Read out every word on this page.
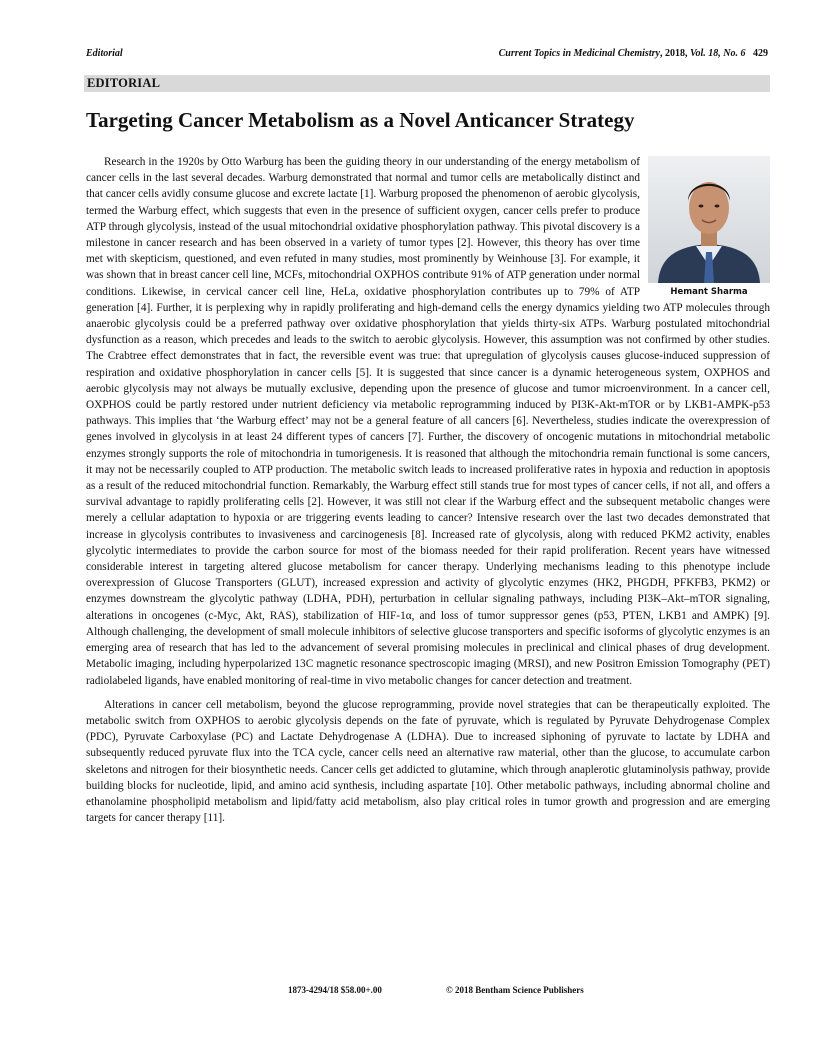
Editorial	Current Topics in Medicinal Chemistry, 2018, Vol. 18, No. 6 429
EDITORIAL
Targeting Cancer Metabolism as a Novel Anticancer Strategy
Hemant Sharma

Research in the 1920s by Otto Warburg has been the guiding theory in our understanding of the energy metabolism of cancer cells in the last several decades. Warburg demonstrated that normal and tumor cells are metabolically distinct and that cancer cells avidly consume glucose and excrete lactate [1]. Warburg proposed the phenomenon of aerobic glycolysis, termed the Warburg effect, which suggests that even in the presence of sufficient oxygen, cancer cells prefer to produce ATP through glycolysis, instead of the usual mitochondrial oxidative phosphorylation pathway. This pivotal discovery is a milestone in cancer research and has been observed in a variety of tumor types [2]. However, this theory has over time met with skepticism, questioned, and even refuted in many studies, most prominently by Weinhouse [3]. For example, it was shown that in breast cancer cell line, MCFs, mitochondrial OXPHOS contribute 91% of ATP generation under normal conditions. Likewise, in cervical cancer cell line, HeLa, oxidative phosphorylation contributes up to 79% of ATP generation [4]. Further, it is perplexing why in rapidly proliferating and high-demand cells the energy dynamics yielding two ATP molecules through anaerobic glycolysis could be a preferred pathway over oxidative phosphorylation that yields thirty-six ATPs. Warburg postulated mitochondrial dysfunction as a reason, which precedes and leads to the switch to aerobic glycolysis. However, this assumption was not confirmed by other studies. The Crabtree effect demonstrates that in fact, the reversible event was true: that upregulation of glycolysis causes glucose-induced suppression of respiration and oxidative phosphorylation in cancer cells [5]. It is suggested that since cancer is a dynamic heterogeneous system, OXPHOS and aerobic glycolysis may not always be mutually exclusive, depending upon the presence of glucose and tumor microenvironment. In a cancer cell, OXPHOS could be partly restored under nutrient deficiency via metabolic reprogramming induced by PI3K-Akt-mTOR or by LKB1-AMPK-p53 pathways. This implies that ‘the Warburg effect’ may not be a general feature of all cancers [6]. Nevertheless, studies indicate the overexpression of genes involved in glycolysis in at least 24 different types of cancers [7]. Further, the discovery of oncogenic mutations in mitochondrial metabolic enzymes strongly supports the role of mitochondria in tumorigenesis. It is reasoned that although the mitochondria remain functional is some cancers, it may not be necessarily coupled to ATP production. The metabolic switch leads to increased proliferative rates in hypoxia and reduction in apoptosis as a result of the reduced mitochondrial function. Remarkably, the Warburg effect still stands true for most types of cancer cells, if not all, and offers a survival advantage to rapidly proliferating cells [2]. However, it was still not clear if the Warburg effect and the subsequent metabolic changes were merely a cellular adaptation to hypoxia or are triggering events leading to cancer? Intensive research over the last two decades demonstrated that increase in glycolysis contributes to invasiveness and carcinogenesis [8]. Increased rate of glycolysis, along with reduced PKM2 activity, enables glycolytic intermediates to provide the carbon source for most of the biomass needed for their rapid proliferation. Recent years have witnessed considerable interest in targeting altered glucose metabolism for cancer therapy. Underlying mechanisms leading to this phenotype include overexpression of Glucose Transporters (GLUT), increased expression and activity of glycolytic enzymes (HK2, PHGDH, PFKFB3, PKM2) or enzymes downstream the glycolytic pathway (LDHA, PDH), perturbation in cellular signaling pathways, including PI3K–Akt–mTOR signaling, alterations in oncogenes (c-Myc, Akt, RAS), stabilization of HIF-1α, and loss of tumor suppressor genes (p53, PTEN, LKB1 and AMPK) [9]. Although challenging, the development of small molecule inhibitors of selective glucose transporters and specific isoforms of glycolytic enzymes is an emerging area of research that has led to the advancement of several promising molecules in preclinical and clinical phases of drug development. Metabolic imaging, including hyperpolarized 13C magnetic resonance spectroscopic imaging (MRSI), and new Positron Emission Tomography (PET) radiolabeled ligands, have enabled monitoring of real-time in vivo metabolic changes for cancer detection and treatment.

Alterations in cancer cell metabolism, beyond the glucose reprogramming, provide novel strategies that can be therapeutically exploited. The metabolic switch from OXPHOS to aerobic glycolysis depends on the fate of pyruvate, which is regulated by Pyruvate Dehydrogenase Complex (PDC), Pyruvate Carboxylase (PC) and Lactate Dehydrogenase A (LDHA). Due to increased siphoning of pyruvate to lactate by LDHA and subsequently reduced pyruvate flux into the TCA cycle, cancer cells need an alternative raw material, other than the glucose, to accumulate carbon skeletons and nitrogen for their biosynthetic needs. Cancer cells get addicted to glutamine, which through anaplerotic glutaminolysis pathway, provide building blocks for nucleotide, lipid, and amino acid synthesis, including aspartate [10]. Other metabolic pathways, including abnormal choline and ethanolamine phospholipid metabolism and lipid/fatty acid metabolism, also play critical roles in tumor growth and progression and are emerging targets for cancer therapy [11].

1873-4294/18 $58.00+.00	© 2018 Bentham Science Publishers
